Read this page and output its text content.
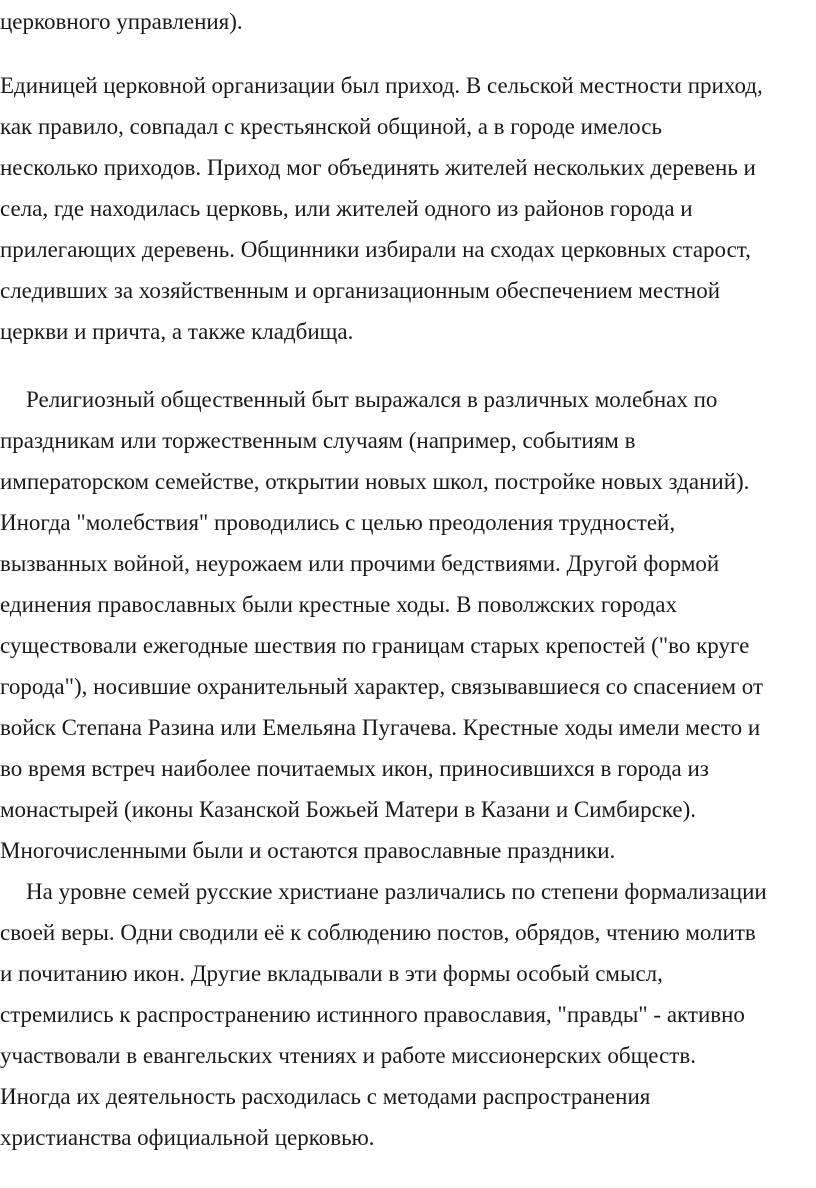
церковного управления).
Единицей церковной организации был приход. В сельской местности приход,
как правило, совпадал с крестьянской общиной, а в городе имелось
несколько приходов. Приход мог объединять жителей нескольких деревень и
села, где находилась церковь, или жителей одного из районов города и
прилегающих деревень. Общинники избирали на сходах церковных старост,
следивших за хозяйственным и организационным обеспечением местной
церкви и причта, а также кладбища.
Религиозный общественный быт выражался в различных молебнах по
праздникам или торжественным случаям (например, событиям в
императорском семействе, открытии новых школ, постройке новых зданий).
Иногда "молебствия" проводились с целью преодоления трудностей,
вызванных войной, неурожаем или прочими бедствиями. Другой формой
единения православных были крестные ходы. В поволжских городах
существовали ежегодные шествия по границам старых крепостей ("во круге
города"), носившие охранительный характер, связывавшиеся со спасением от
войск Степана Разина или Емельяна Пугачева. Крестные ходы имели место и
во время встреч наиболее почитаемых икон, приносившихся в города из
монастырей (иконы Казанской Божьей Матери в Казани и Симбирске).
Многочисленными были и остаются православные праздники.
На уровне семей русские христиане различались по степени формализации
своей веры. Одни сводили её к соблюдению постов, обрядов, чтению молитв
и почитанию икон. Другие вкладывали в эти формы особый смысл,
стремились к распространению истинного православия, "правды" - активно
участвовали в евангельских чтениях и работе миссионерских обществ.
Иногда их деятельность расходилась с методами распространения
христианства официальной церковью.
